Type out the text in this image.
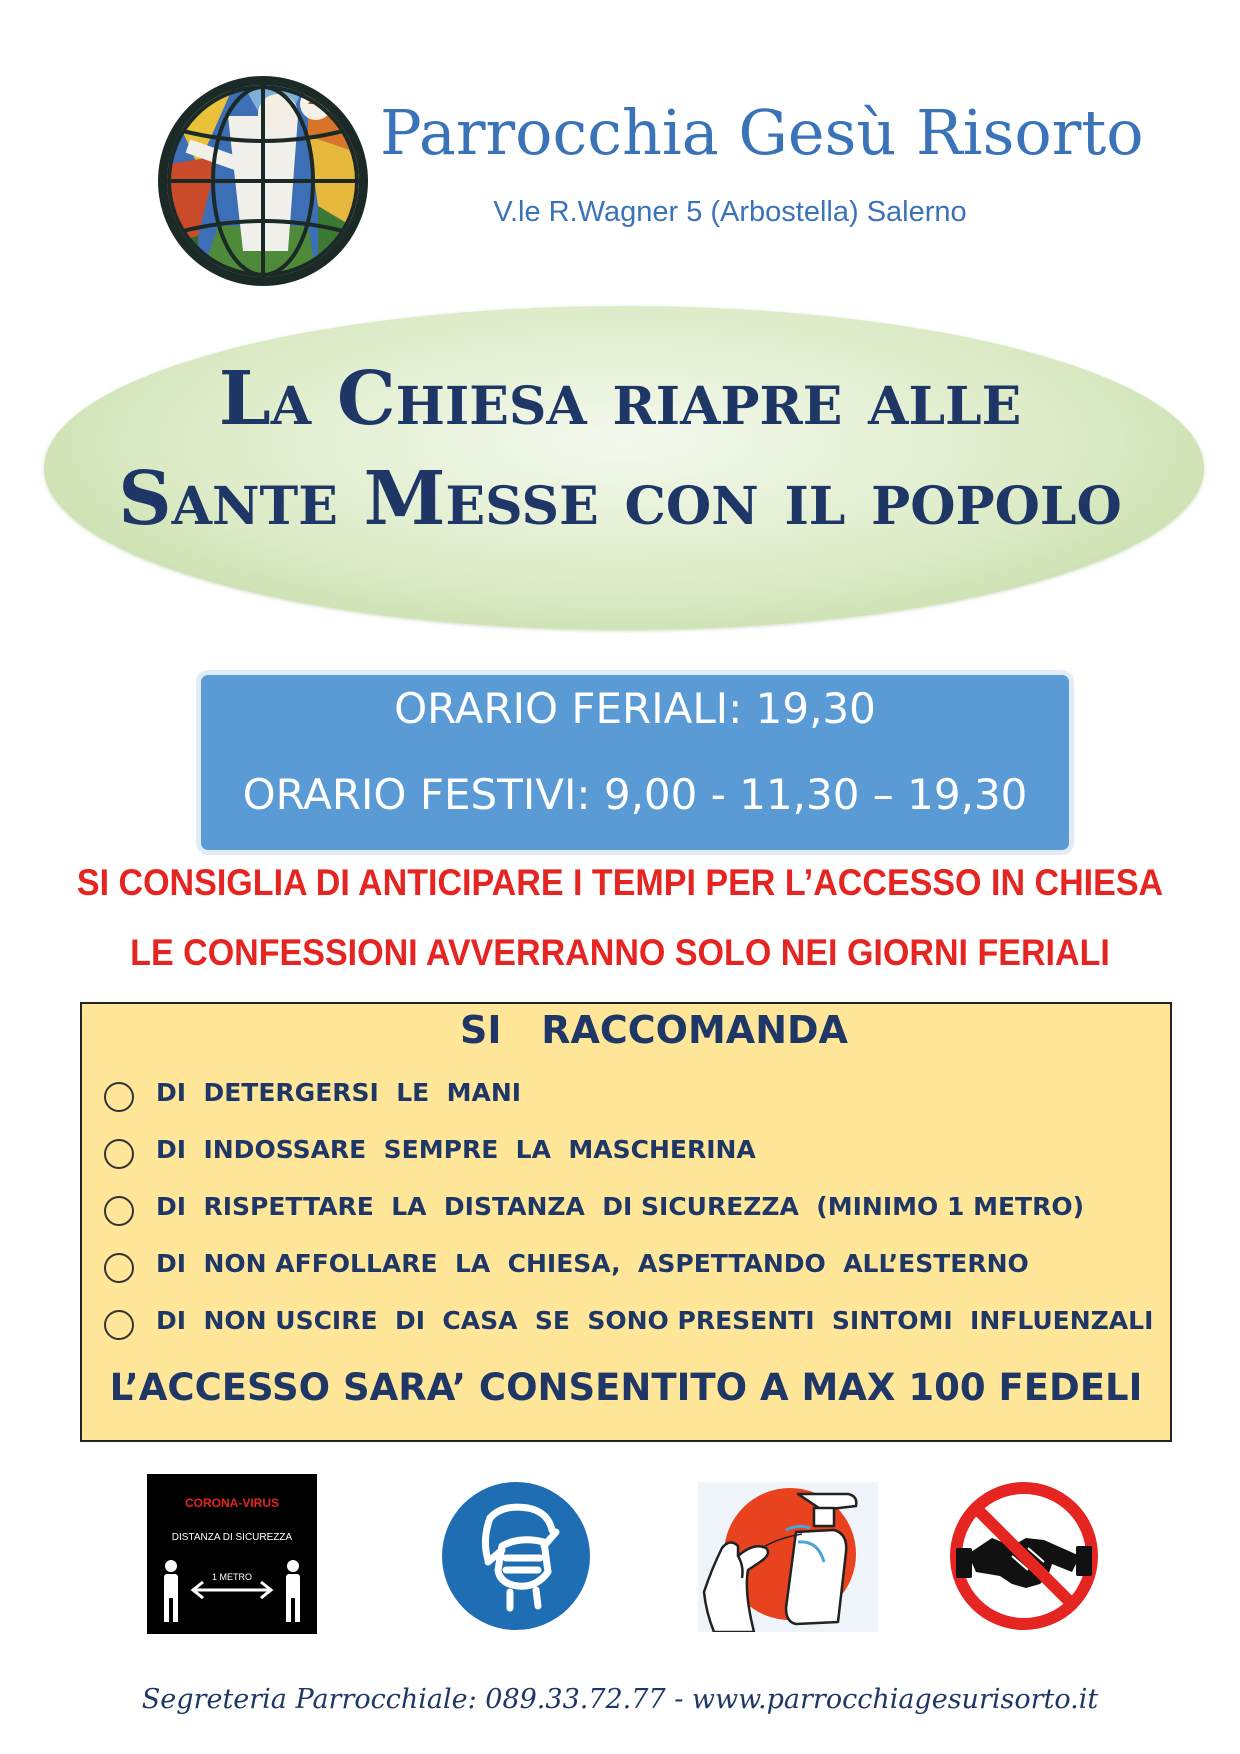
Parrocchia Gesù Risorto
V.le R.Wagner 5 (Arbostella) Salerno
La Chiesa riapre alle
Sante Messe con il popolo
ORARIO FERIALI: 19,30
ORARIO FESTIVI: 9,00 - 11,30 – 19,30
SI CONSIGLIA DI ANTICIPARE I TEMPI PER L’ACCESSO IN CHIESA
LE CONFESSIONI AVVERRANNO SOLO NEI GIORNI FERIALI
SI   RACCOMANDA
DI  DETERGERSI  LE  MANI
DI  INDOSSARE  SEMPRE  LA  MASCHERINA
DI  RISPETTARE  LA  DISTANZA  DI SICUREZZA  (MINIMO 1 METRO)
DI  NON AFFOLLARE  LA  CHIESA,  ASPETTANDO  ALL’ESTERNO
DI  NON USCIRE  DI  CASA  SE  SONO PRESENTI  SINTOMI  INFLUENZALI
L’ACCESSO SARA’ CONSENTITO A MAX 100 FEDELI
CORONA-VIRUS
DISTANZA DI SICUREZZA
1 METRO
Segreteria Parrocchiale: 089.33.72.77 - www.parrocchiagesurisorto.it
